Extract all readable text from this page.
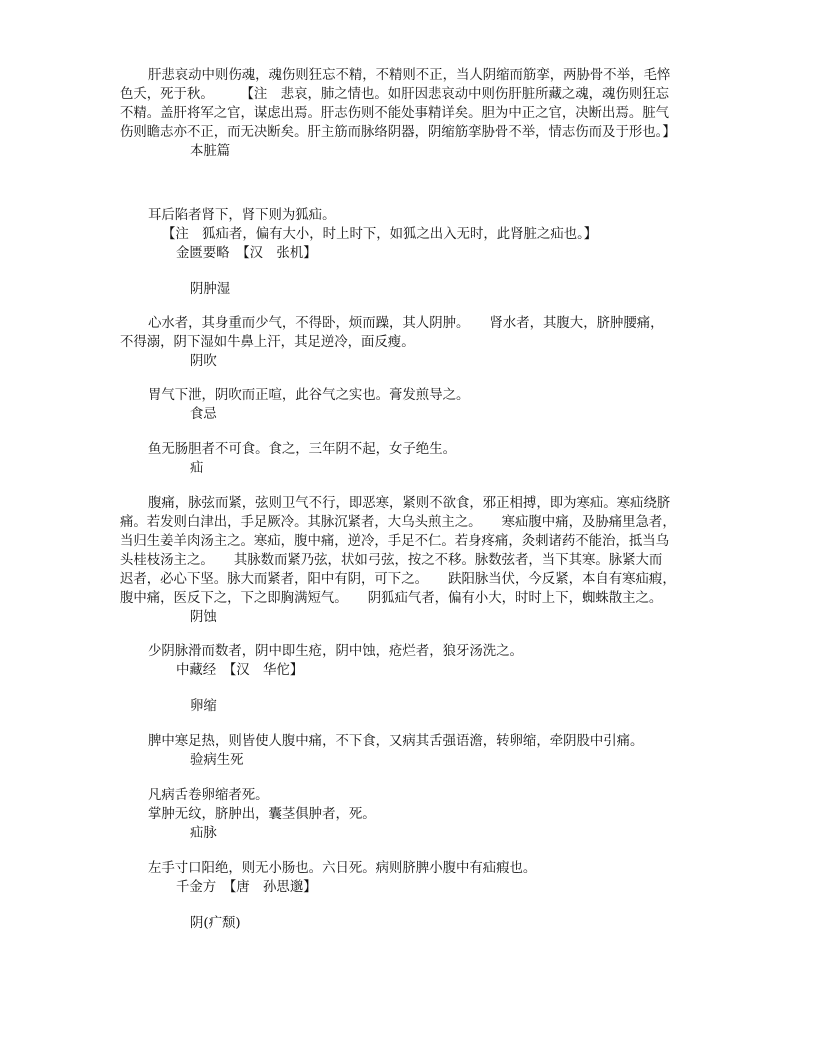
肝悲哀动中则伤魂，魂伤则狂忘不精，不精则不正，当人阴缩而筋挛，两胁骨不举，毛悴
色夭，死于秋。　　　【注　悲哀，肺之情也。如肝因悲哀动中则伤肝脏所藏之魂，魂伤则狂忘
不精。盖肝将军之官，谋虑出焉。肝志伤则不能处事精详矣。胆为中正之官，决断出焉。脏气
伤则瞻志亦不正，而无决断矣。肝主筋而脉络阴器，阴缩筋挛胁骨不举，情志伤而及于形也。】

本脏篇
耳后陷者肾下，肾下则为狐疝。
【注　狐疝者，偏有大小，时上时下，如狐之出入无时，此肾脏之疝也。】
金匮要略　【汉　张机】
阴肿湿

心水者，其身重而少气，不得卧，烦而躁，其人阴肿。　　肾水者，其腹大，脐肿腰痛，
不得溺，阴下湿如牛鼻上汗，其足逆冷，面反瘦。

阴吹
胃气下泄，阴吹而正喧，此谷气之实也。膏发煎导之。
食忌
鱼无肠胆者不可食。食之，三年阴不起，女子绝生。
疝

腹痛，脉弦而紧，弦则卫气不行，即恶寒，紧则不欲食，邪正相搏，即为寒疝。寒疝绕脐
痛。若发则白津出，手足厥冷。其脉沉紧者，大乌头煎主之。　　寒疝腹中痛，及胁痛里急者，
当归生姜羊肉汤主之。寒疝，腹中痛，逆冷，手足不仁。若身疼痛，灸刺诸药不能治，抵当乌
头桂枝汤主之。　　其脉数而紧乃弦，状如弓弦，按之不移。脉数弦者，当下其寒。脉紧大而
迟者，必心下坚。脉大而紧者，阳中有阴，可下之。　　趺阳脉当伏，今反紧，本自有寒疝瘕，
腹中痛，医反下之，下之即胸满短气。　　阴狐疝气者，偏有小大，时时上下，蜘蛛散主之。

阴蚀
少阴脉滑而数者，阴中即生疮，阴中蚀，疮烂者，狼牙汤洗之。
中藏经　【汉　华佗】
卵缩
脾中寒足热，则皆使人腹中痛，不下食，又病其舌强语澹，转卵缩，牵阴股中引痛。
验病生死
凡病舌卷卵缩者死。
掌肿无纹，脐肿出，囊茎俱肿者，死。
疝脉
左手寸口阳绝，则无小肠也。六日死。病则脐脾小腹中有疝瘕也。
千金方　【唐　孙思邈】
阴(疒颓)
